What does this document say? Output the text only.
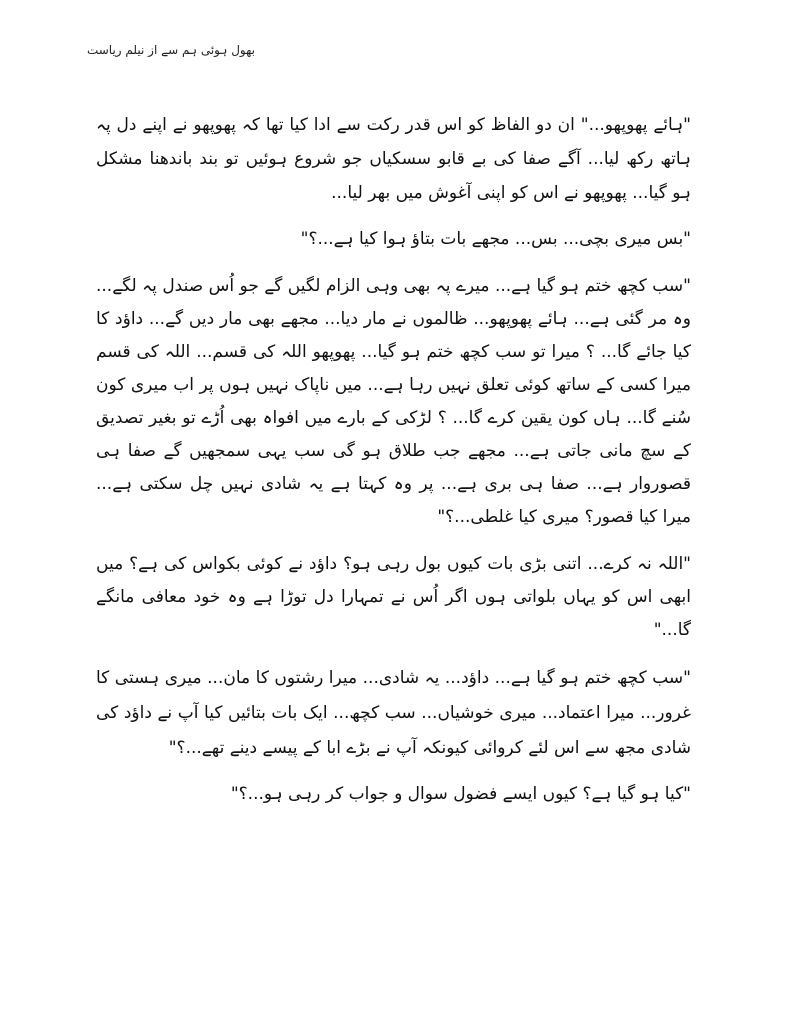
بھول ہوئی ہم سے از نیلم ریاست

"ہائے پھوپھو..." ان دو الفاظ کو اس قدر رکت سے ادا کیا تھا کہ پھوپھو نے اپنے دل پہ ہاتھ رکھ لیا... آگے صفا کی بے قابو سسکیاں جو شروع ہوئیں تو بند باندھنا مشکل ہو گیا... پھوپھو نے اس کو اپنی آغوش میں بھر لیا...

"بس میری بچی... بس... مجھے بات بتاؤ ہوا کیا ہے...؟"

"سب کچھ ختم ہو گیا ہے... میرے پہ بھی وہی الزام لگیں گے جو اُس صندل پہ لگے... وہ مر گئی ہے... ہائے پھوپھو... ظالموں نے مار دیا... مجھے بھی مار دیں گے... داؤد کا کیا جائے گا... ؟ میرا تو سب کچھ ختم ہو گیا... پھوپھو اللہ کی قسم... اللہ کی قسم میرا کسی کے ساتھ کوئی تعلق نہیں رہا ہے... میں ناپاک نہیں ہوں پر اب میری کون سُنے گا... ہاں کون یقین کرے گا... ؟ لڑکی کے بارے میں افواہ بھی اُڑے تو بغیر تصدیق کے سچ مانی جاتی ہے... مجھے جب طلاق ہو گی سب یہی سمجھیں گے صفا ہی قصوروار ہے... صفا ہی بری ہے... پر وہ کہتا ہے یہ شادی نہیں چل سکتی ہے... میرا کیا قصور؟ میری کیا غلطی...؟"

"اللہ نہ کرے... اتنی بڑی بات کیوں بول رہی ہو؟ داؤد نے کوئی بکواس کی ہے؟ میں ابھی اس کو یہاں بلواتی ہوں اگر اُس نے تمہارا دل توڑا ہے وہ خود معافی مانگے گا..."

"سب کچھ ختم ہو گیا ہے... داؤد... یہ شادی... میرا رشتوں کا مان... میری ہستی کا غرور... میرا اعتماد... میری خوشیاں... سب کچھ... ایک بات بتائیں کیا آپ نے داؤد کی شادی مجھ سے اس لئے کروائی کیونکہ آپ نے بڑے ابا کے پیسے دینے تھے...؟"

"کیا ہو گیا ہے؟ کیوں ایسے فضول سوال و جواب کر رہی ہو...؟"
